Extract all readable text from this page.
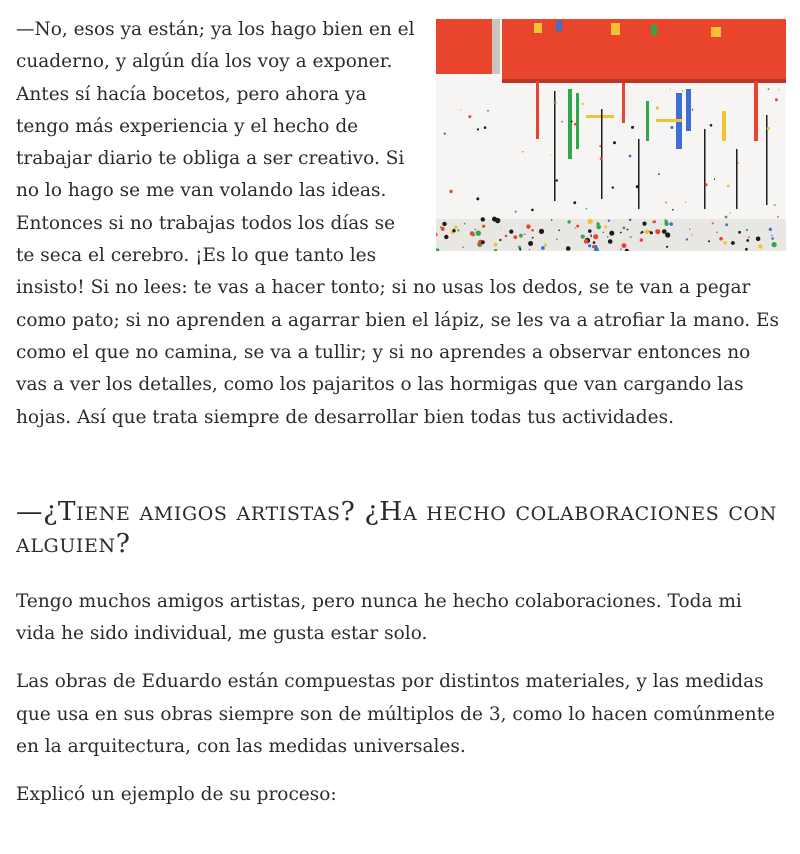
—No, esos ya están; ya los hago bien en el cuaderno, y algún día los voy a exponer. Antes sí hacía bocetos, pero ahora ya tengo más experiencia y el hecho de trabajar diario te obliga a ser creativo. Si no lo hago se me van volando las ideas. Entonces si no trabajas todos los días se te seca el cerebro. ¡Es lo que tanto les insisto! Si no lees: te vas a hacer tonto; si no usas los dedos, se te van a pegar como pato; si no aprenden a agarrar bien el lápiz, se les va a atrofiar la mano. Es como el que no camina, se va a tullir; y si no aprendes a observar entonces no vas a ver los detalles, como los pajaritos o las hormigas que van cargando las hojas. Así que trata siempre de desarrollar bien todas tus actividades.

—¿Tiene amigos artistas? ¿Ha hecho colaboraciones con alguien?

Tengo muchos amigos artistas, pero nunca he hecho colaboraciones. Toda mi vida he sido individual, me gusta estar solo.

Las obras de Eduardo están compuestas por distintos materiales, y las medidas que usa en sus obras siempre son de múltiplos de 3, como lo hacen comúnmente en la arquitectura, con las medidas universales.

Explicó un ejemplo de su proceso:
